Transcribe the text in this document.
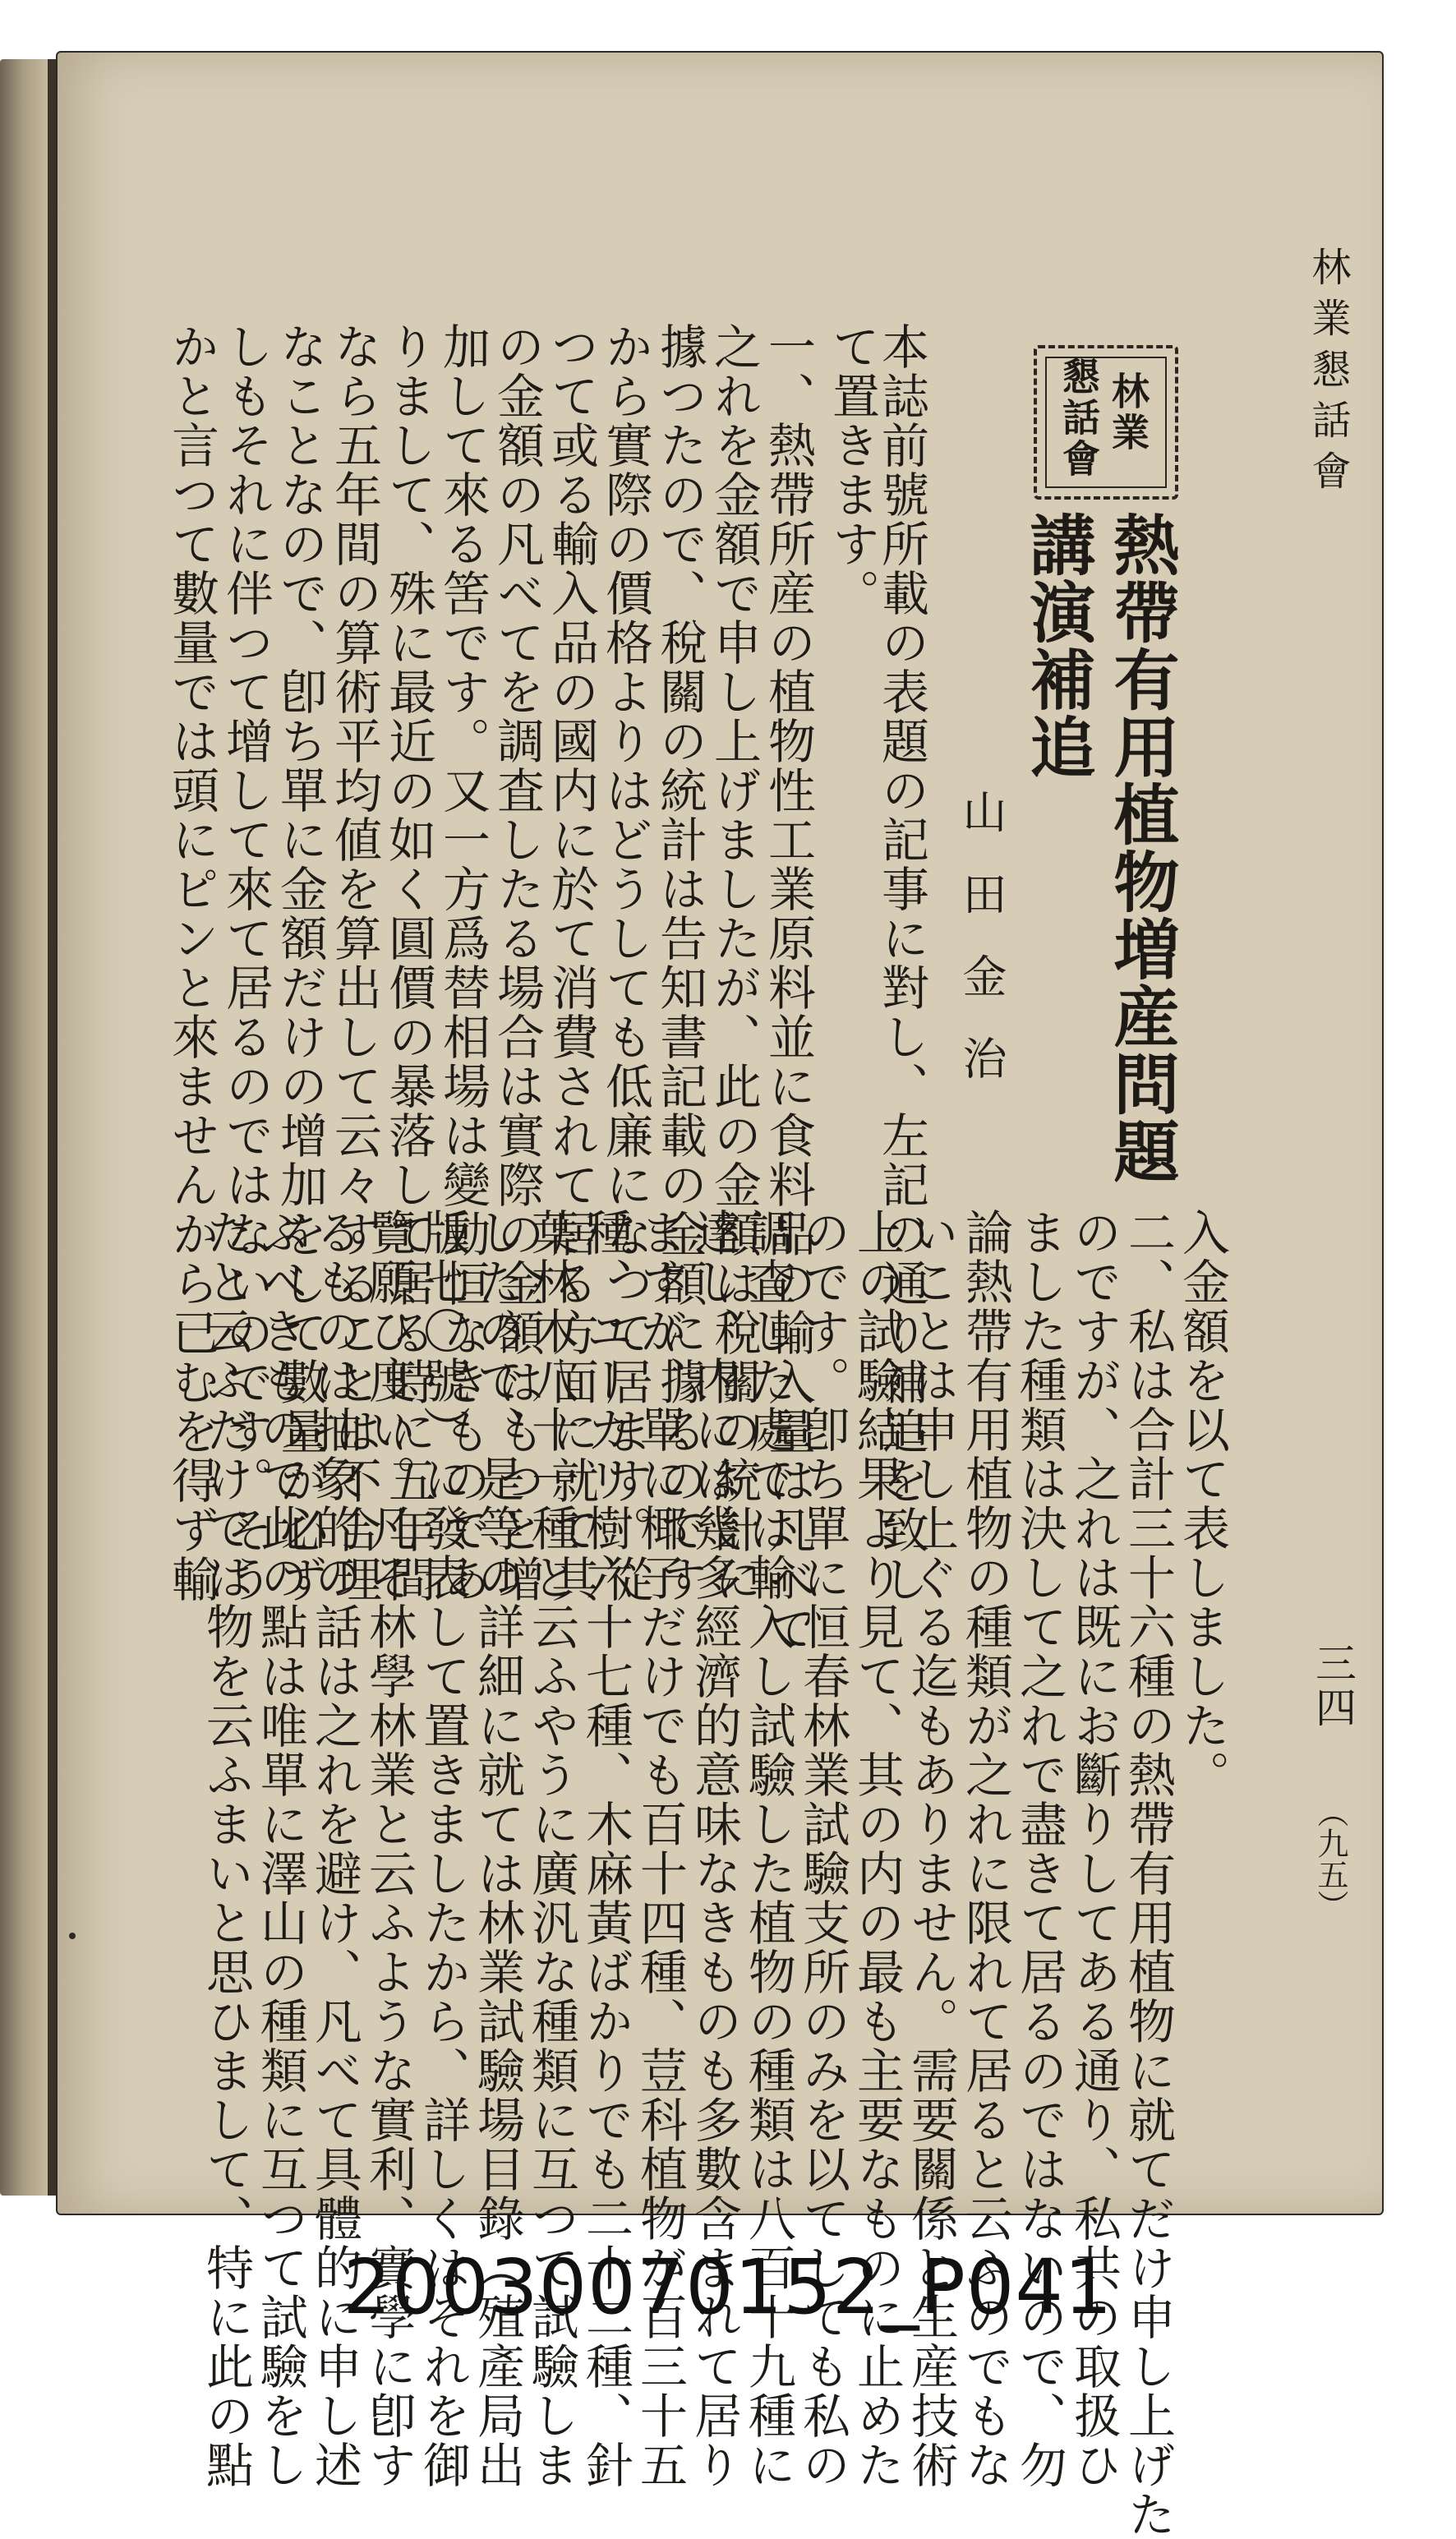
林業懇話會
林業
懇話會
熱帶有用植物増産問題
講演補追
山田金治
本誌前號所載の表題の記事に對し、左記の通り補追を致し
て置きます。
一、熱帶所産の植物性工業原料並に食料品の輸入量は凡べて
之れを金額で申し上げましたが、此の金額は稅關の統計に
據つたので、稅關の統計は告知書記載の金額に據るのです
から實際の價格よりはどうしても低廉になつて居ます。從
つて或る輸入品の國内に於て消費されて居る方面に就て其
の金額の凡べてを調査したる場合は實際の金額はもつと增
加して來る筈です。又一方爲替相場は變動恒なきものであ
りまして、殊に最近の如く圓價の暴落して居る時に五年間
なら五年間の算術平均値を算出して云々することは不合理
なことなので、卽ち單に金額だけの增加をして數量が必ず
しもそれに伴つて增して來て居るのではないのです。そう
かと言つて數量では頭にピンと來ませんから已むを得ず輸	入金額を以て表しました。
二、私は合計三十六種の熱帶有用植物に就てだけ申し上げた
のですが、之れは既にお斷りしてある通り、私共の取扱ひ
ました種類は決して之れで盡きて居るのではないので、勿
論熱帶有用植物の種類が之れに限れて居ると云ふのでもな
いことは申し上ぐる迄もありません。需要關係と生産技術
上の試驗結果より見て、其の内の最も主要なものに止めた
のです。卽ち單に恒春林業試驗支所のみを以てしても私の
調査した處では輸入し試驗した植物の種類は八百十九種に
達し、内には幾多經濟的意味なきものも多數含まれて居り
ますが、單に椰子だけでも百十四種、荳科植物が百三十五
種、ユーカリ樹六十七種、木麻黃ばかりでも二十二種、針
葉林木八十一種と云ふやうに廣汎な種類に互つて試驗しま
したので、是等の詳細に就ては林業試驗場目錄（殖產局出
版七〇號）に發表して置きましたから、詳しくはそれを御
覽願ひ度い。凡そ林學林業と云ふような實利、實學に卽す
るものは抽象的の話は之れを避け、凡べて具體的に申し述
ぶべきもので此の點は唯單に澤山の種類に互つて試驗をし
たと云ふだけでは物を云ふまいと思ひまして、特に此の點	三四
（九五）
20030070152_P041
